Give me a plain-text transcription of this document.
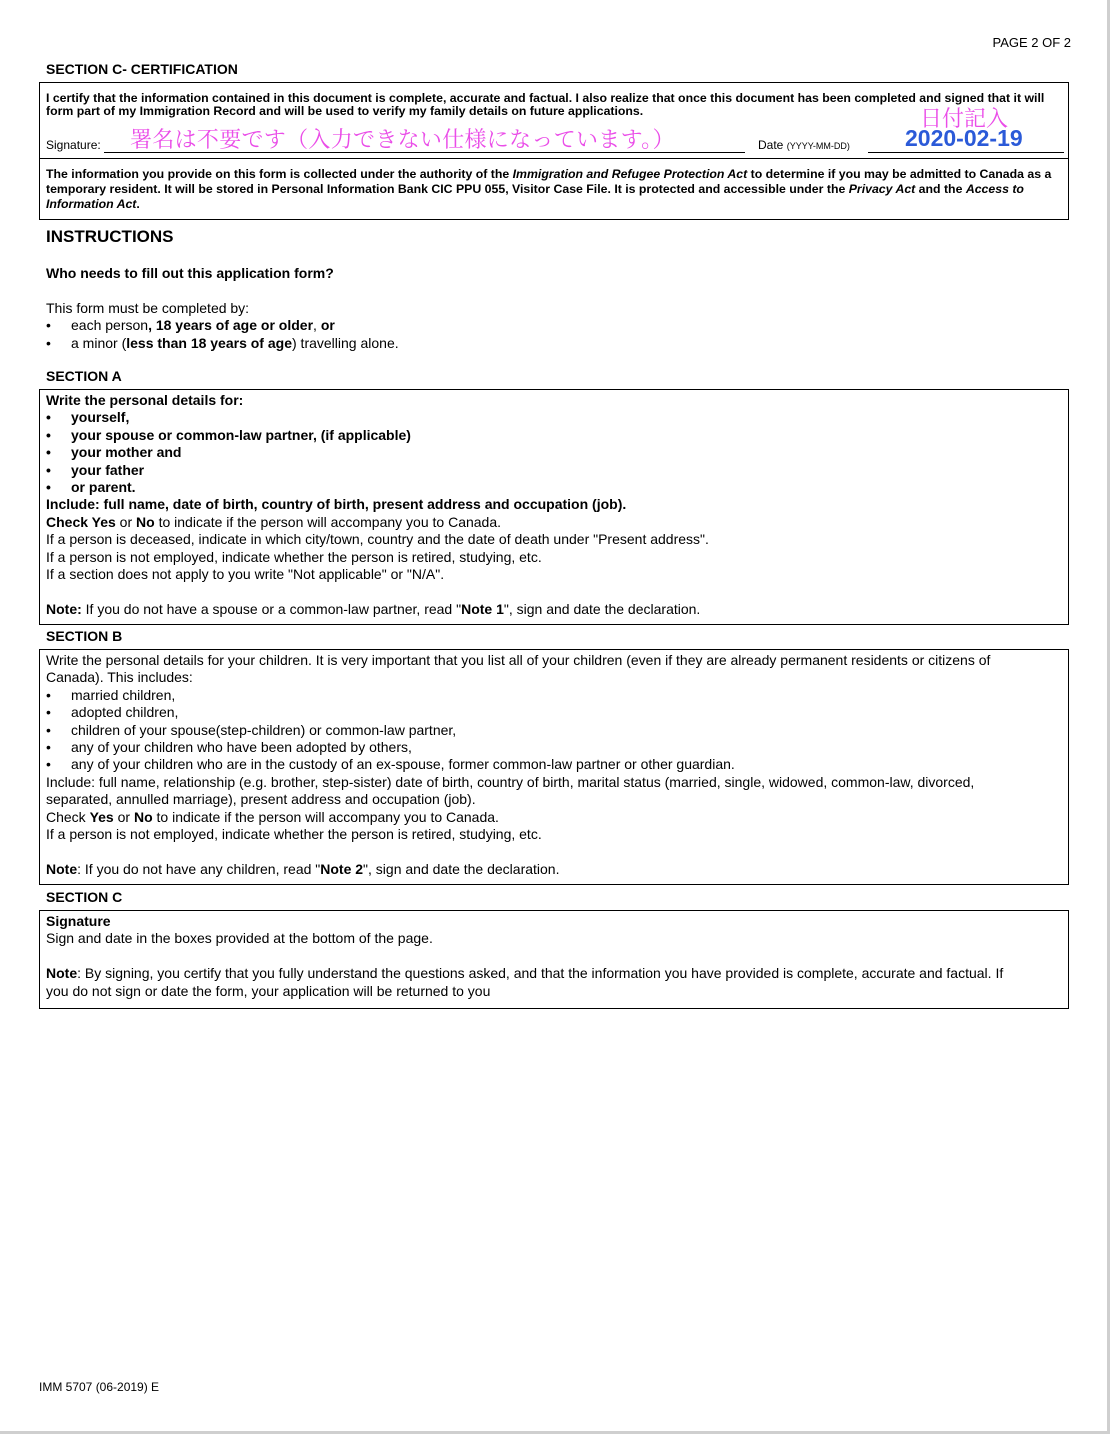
PAGE 2 OF 2
SECTION C- CERTIFICATION
I certify that the information contained in this document is complete, accurate and factual. I also realize that once this document has been completed and signed that it will form part of my Immigration Record and will be used to verify my family details on future applications.
Signature: 署名は不要です（入力できない仕様になっています。）	Date (YYYY-MM-DD)
日付記入
2020-02-19
The information you provide on this form is collected under the authority of the Immigration and Refugee Protection Act to determine if you may be admitted to Canada as a temporary resident. It will be stored in Personal Information Bank CIC PPU 055, Visitor Case File. It is protected and accessible under the Privacy Act and the Access to Information Act.
INSTRUCTIONS
Who needs to fill out this application form?
This form must be completed by:
• each person, 18 years of age or older, or
• a minor (less than 18 years of age) travelling alone.
SECTION A
Write the personal details for:
• yourself,
• your spouse or common-law partner, (if applicable)
• your mother and
• your father
• or parent.
Include: full name, date of birth, country of birth, present address and occupation (job).
Check Yes or No to indicate if the person will accompany you to Canada.
If a person is deceased, indicate in which city/town, country and the date of death under "Present address".
If a person is not employed, indicate whether the person is retired, studying, etc.
If a section does not apply to you write "Not applicable" or "N/A".
Note: If you do not have a spouse or a common-law partner, read "Note 1", sign and date the declaration.
SECTION B
Write the personal details for your children. It is very important that you list all of your children (even if they are already permanent residents or citizens of
Canada). This includes:
• married children,
• adopted children,
• children of your spouse(step-children) or common-law partner,
• any of your children who have been adopted by others,
• any of your children who are in the custody of an ex-spouse, former common-law partner or other guardian.
Include: full name, relationship (e.g. brother, step-sister) date of birth, country of birth, marital status (married, single, widowed, common-law, divorced,
separated, annulled marriage), present address and occupation (job).
Check Yes or No to indicate if the person will accompany you to Canada.
If a person is not employed, indicate whether the person is retired, studying, etc.
Note: If you do not have any children, read "Note 2", sign and date the declaration.
SECTION C
Signature
Sign and date in the boxes provided at the bottom of the page.
Note: By signing, you certify that you fully understand the questions asked, and that the information you have provided is complete, accurate and factual. If
you do not sign or date the form, your application will be returned to you
IMM 5707 (06-2019) E
